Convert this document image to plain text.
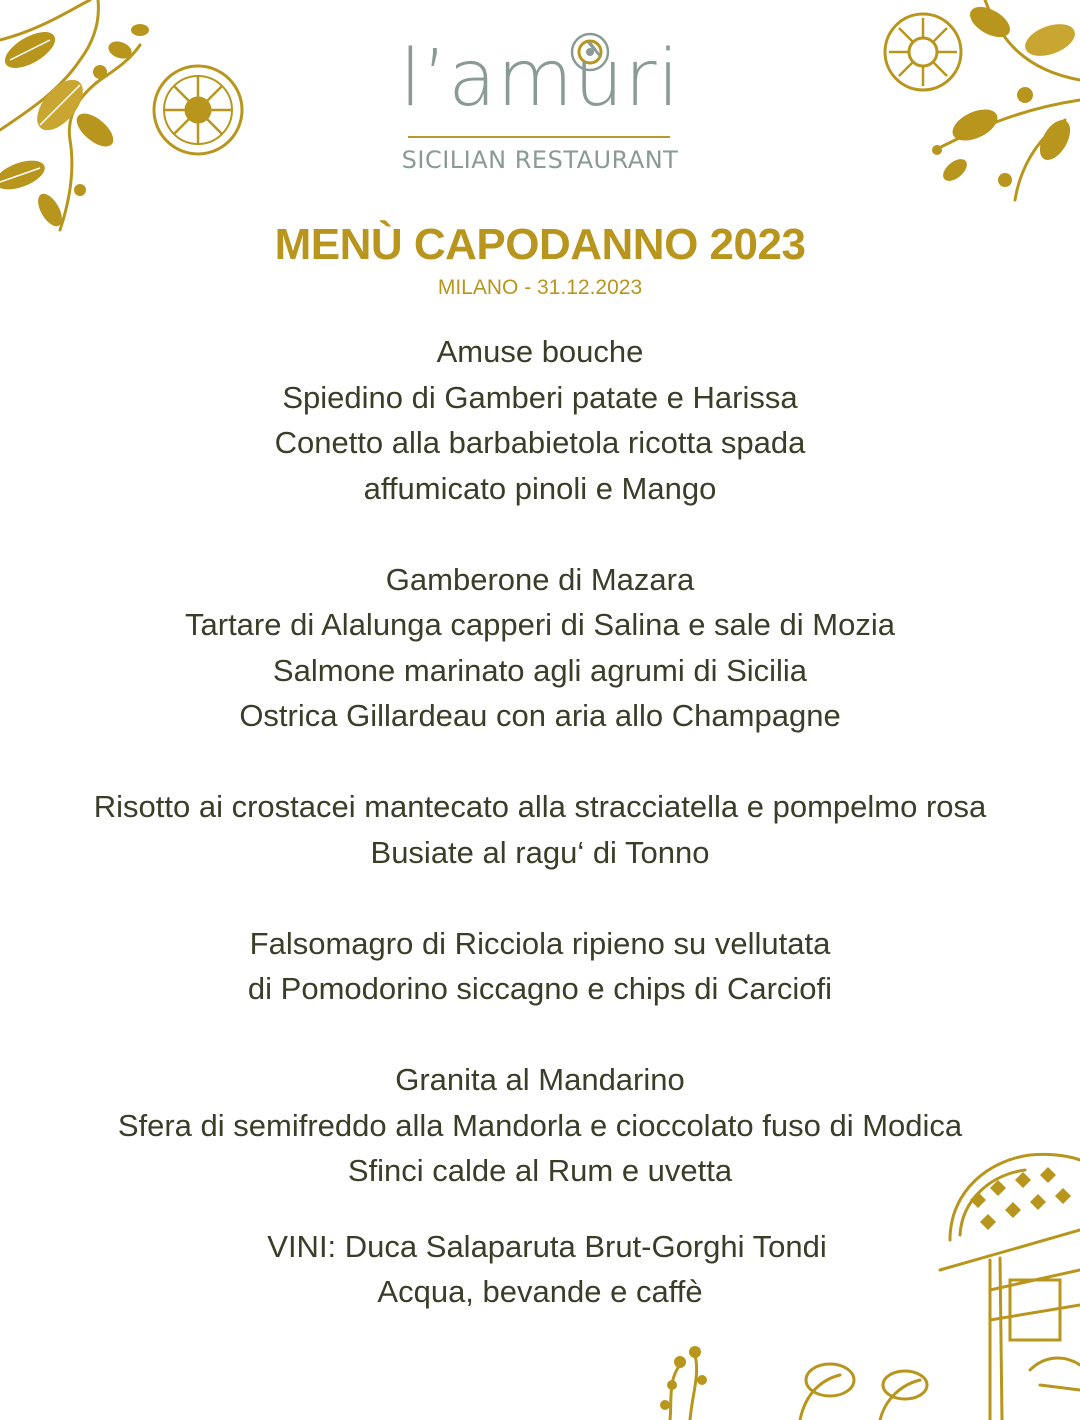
l’amùri
SICILIAN RESTAURANT
MENÙ CAPODANNO 2023
MILANO - 31.12.2023
Amuse bouche
Spiedino di Gamberi patate e Harissa
Conetto alla barbabietola ricotta spada
affumicato pinoli e Mango
Gamberone di Mazara
Tartare di Alalunga capperi di Salina e sale di Mozia
Salmone marinato agli agrumi di Sicilia
Ostrica Gillardeau con aria allo Champagne
Risotto ai crostacei mantecato alla stracciatella e pompelmo rosa
Busiate al ragu‘ di Tonno
Falsomagro di Ricciola ripieno su vellutata
di Pomodorino siccagno e chips di Carciofi
Granita al Mandarino
Sfera di semifreddo alla Mandorla e cioccolato fuso di Modica
Sfinci calde al Rum e uvetta
VINI: Duca Salaparuta Brut-Gorghi Tondi
Acqua, bevande e caffè
